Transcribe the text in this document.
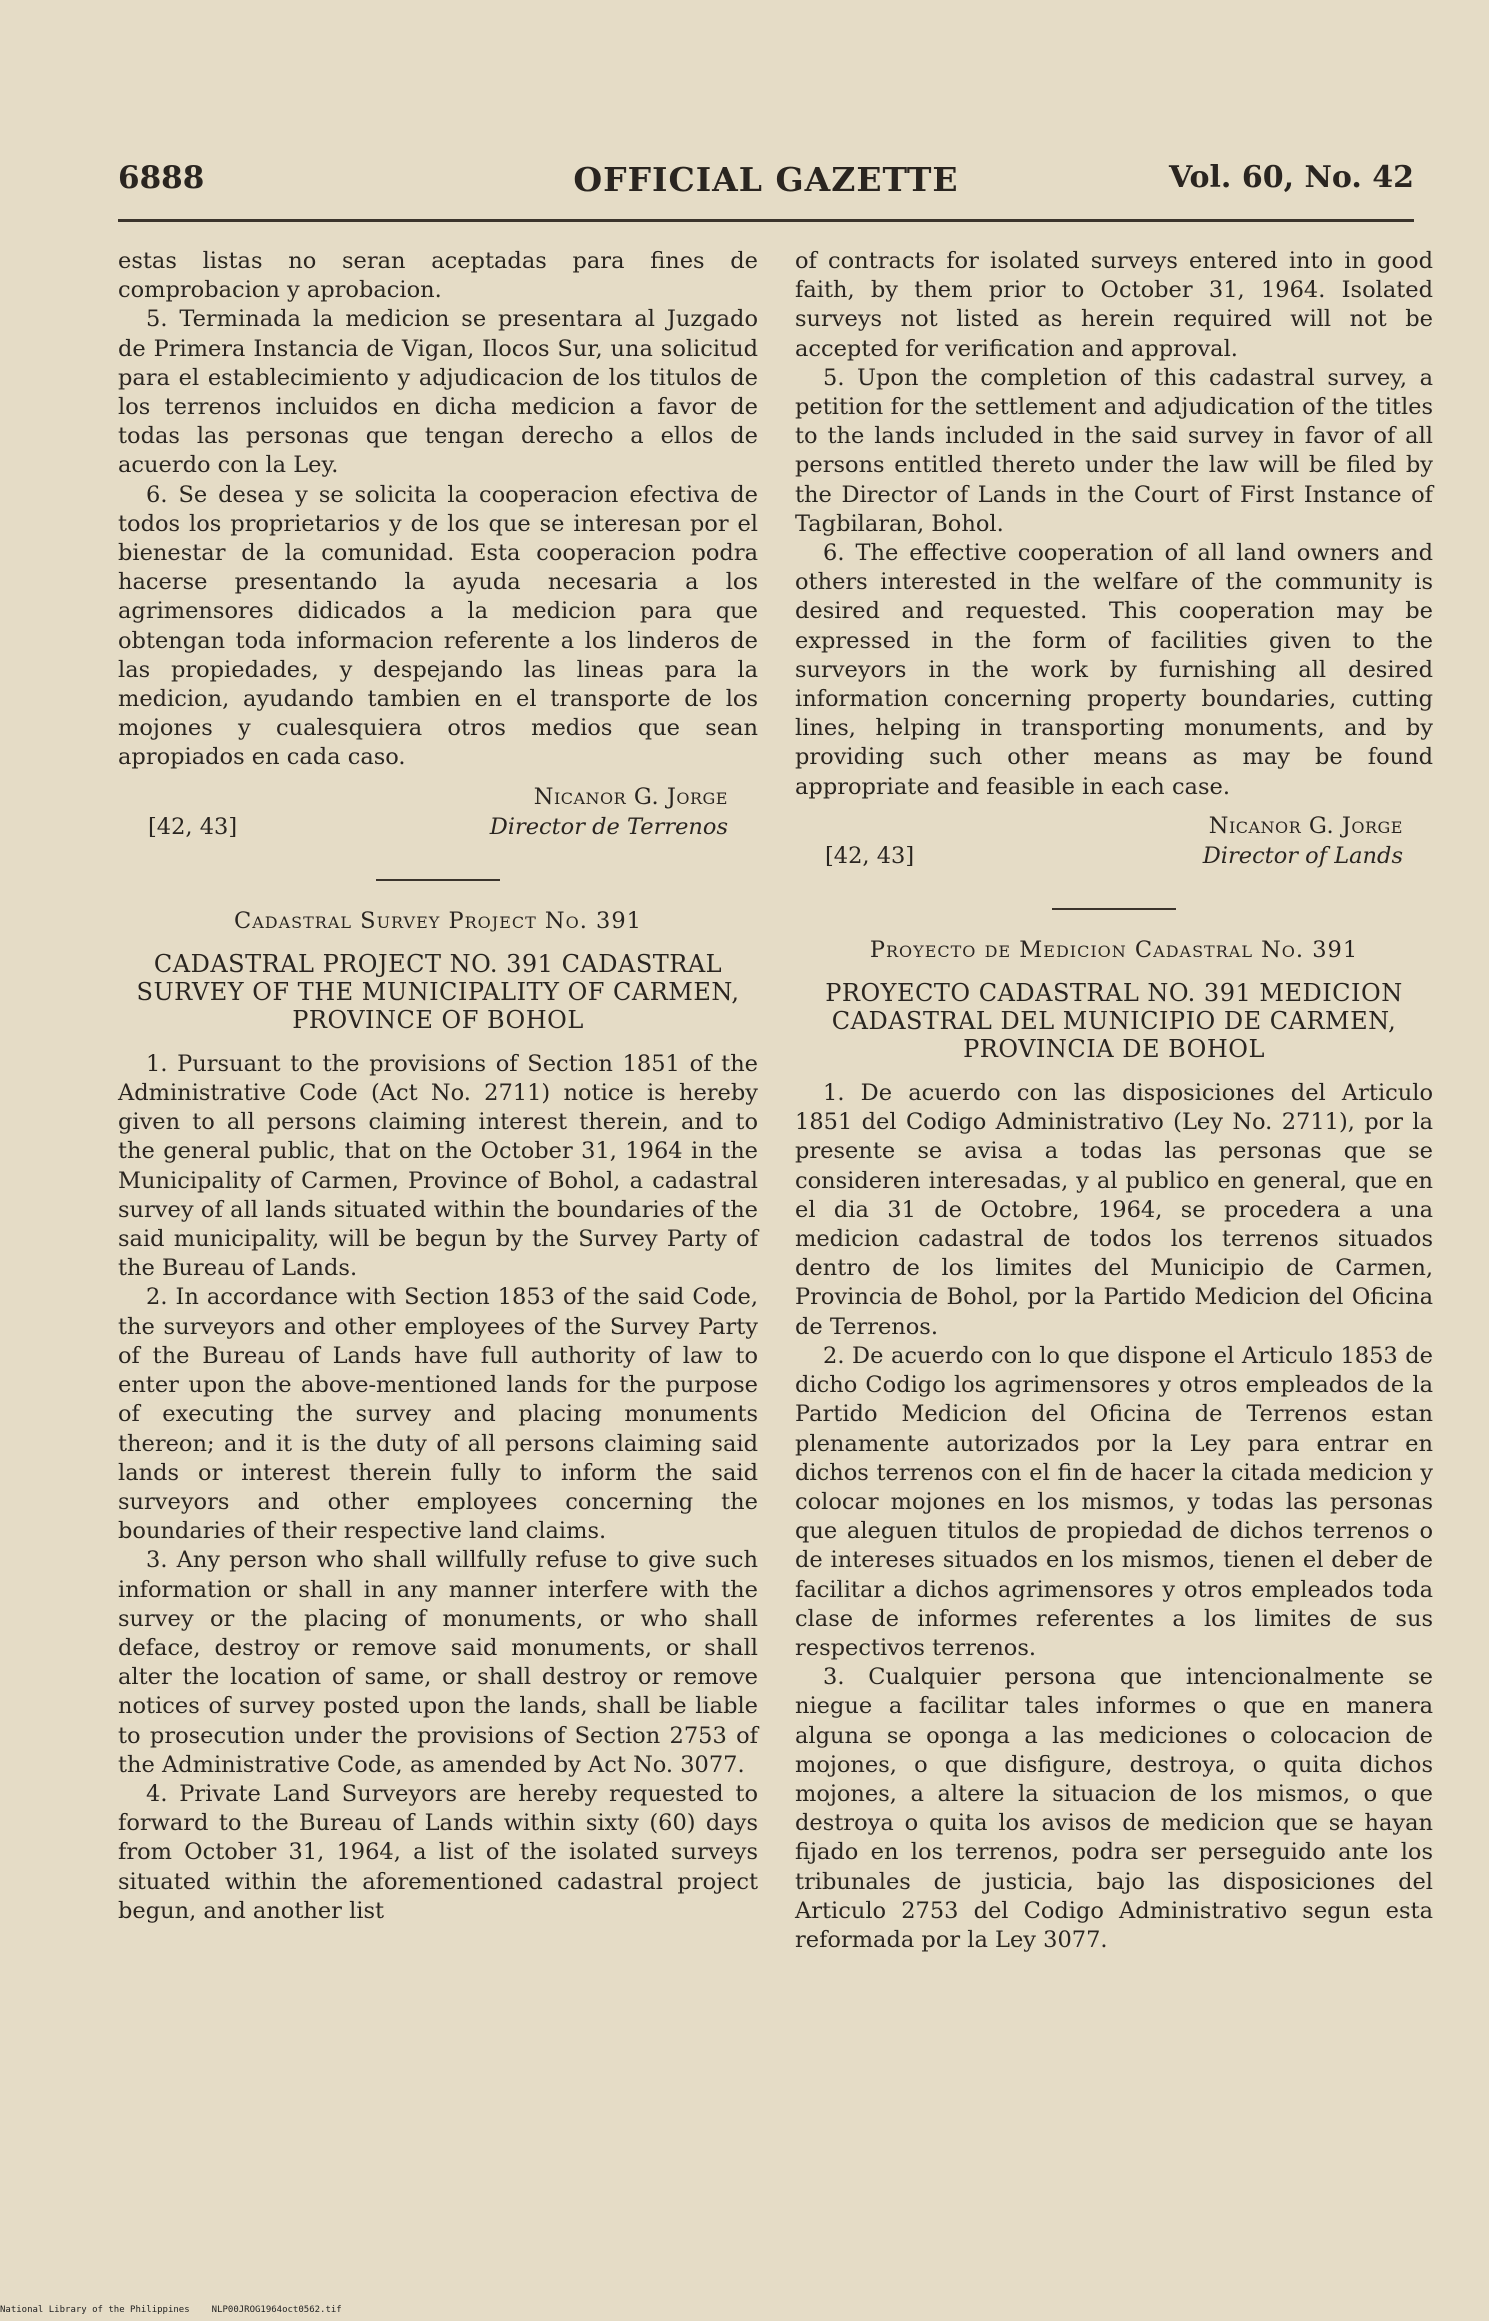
6888	OFFICIAL GAZETTE	Vol. 60, No. 42

estas listas no seran aceptadas para fines de comprobacion y aprobacion.

5. Terminada la medicion se presentara al Juzgado de Primera Instancia de Vigan, Ilocos Sur, una solicitud para el establecimiento y adjudicacion de los titulos de los terrenos incluidos en dicha medicion a favor de todas las personas que tengan derecho a ellos de acuerdo con la Ley.

6. Se desea y se solicita la cooperacion efectiva de todos los proprietarios y de los que se interesan por el bienestar de la comunidad. Esta cooperacion podra hacerse presentando la ayuda necesaria a los agrimensores didicados a la medicion para que obtengan toda informacion referente a los linderos de las propiedades, y despejando las lineas para la medicion, ayudando tambien en el transporte de los mojones y cualesquiera otros medios que sean apropiados en cada caso.

Nicanor G. Jorge
[42, 43]	Director de Terrenos
Cadastral Survey Project No. 391
CADASTRAL PROJECT NO. 391 CADASTRAL SURVEY OF THE MUNICIPALITY OF CARMEN, PROVINCE OF BOHOL

1. Pursuant to the provisions of Section 1851 of the Administrative Code (Act No. 2711) notice is hereby given to all persons claiming interest therein, and to the general public, that on the October 31, 1964 in the Municipality of Carmen, Province of Bohol, a cadastral survey of all lands situated within the boundaries of the said municipality, will be begun by the Survey Party of the Bureau of Lands.

2. In accordance with Section 1853 of the said Code, the surveyors and other employees of the Survey Party of the Bureau of Lands have full authority of law to enter upon the above-mentioned lands for the purpose of executing the survey and placing monuments thereon; and it is the duty of all persons claiming said lands or interest therein fully to inform the said surveyors and other employees concerning the boundaries of their respective land claims.

3. Any person who shall willfully refuse to give such information or shall in any manner interfere with the survey or the placing of monuments, or who shall deface, destroy or remove said monuments, or shall alter the location of same, or shall destroy or remove notices of survey posted upon the lands, shall be liable to prosecution under the provisions of Section 2753 of the Administrative Code, as amended by Act No. 3077.

4. Private Land Surveyors are hereby requested to forward to the Bureau of Lands within sixty (60) days from October 31, 1964, a list of the isolated surveys situated within the aforementioned cadastral project begun, and another list

of contracts for isolated surveys entered into in good faith, by them prior to October 31, 1964. Isolated surveys not listed as herein required will not be accepted for verification and approval.

5. Upon the completion of this cadastral survey, a petition for the settlement and adjudication of the titles to the lands included in the said survey in favor of all persons entitled thereto under the law will be filed by the Director of Lands in the Court of First Instance of Tagbilaran, Bohol.

6. The effective cooperation of all land owners and others interested in the welfare of the community is desired and requested. This cooperation may be expressed in the form of facilities given to the surveyors in the work by furnishing all desired information concerning property boundaries, cutting lines, helping in transporting monuments, and by providing such other means as may be found appropriate and feasible in each case.

Nicanor G. Jorge
[42, 43]	Director of Lands
Proyecto de Medicion Cadastral No. 391
PROYECTO CADASTRAL NO. 391 MEDICION CADASTRAL DEL MUNICIPIO DE CARMEN, PROVINCIA DE BOHOL

1. De acuerdo con las disposiciones del Articulo 1851 del Codigo Administrativo (Ley No. 2711), por la presente se avisa a todas las personas que se consideren interesadas, y al publico en general, que en el dia 31 de Octobre, 1964, se procedera a una medicion cadastral de todos los terrenos situados dentro de los limites del Municipio de Carmen, Provincia de Bohol, por la Partido Medicion del Oficina de Terrenos.

2. De acuerdo con lo que dispone el Articulo 1853 de dicho Codigo los agrimensores y otros empleados de la Partido Medicion del Oficina de Terrenos estan plenamente autorizados por la Ley para entrar en dichos terrenos con el fin de hacer la citada medicion y colocar mojones en los mismos, y todas las personas que aleguen titulos de propiedad de dichos terrenos o de intereses situados en los mismos, tienen el deber de facilitar a dichos agrimensores y otros empleados toda clase de informes referentes a los limites de sus respectivos terrenos.

3. Cualquier persona que intencionalmente se niegue a facilitar tales informes o que en manera alguna se oponga a las mediciones o colocacion de mojones, o que disfigure, destroya, o quita dichos mojones, a altere la situacion de los mismos, o que destroya o quita los avisos de medicion que se hayan fijado en los terrenos, podra ser perseguido ante los tribunales de justicia, bajo las disposiciones del Articulo 2753 del Codigo Administrativo segun esta reformada por la Ley 3077.

National Library of the Philippines NLP00JROG1964oct0562.tif
